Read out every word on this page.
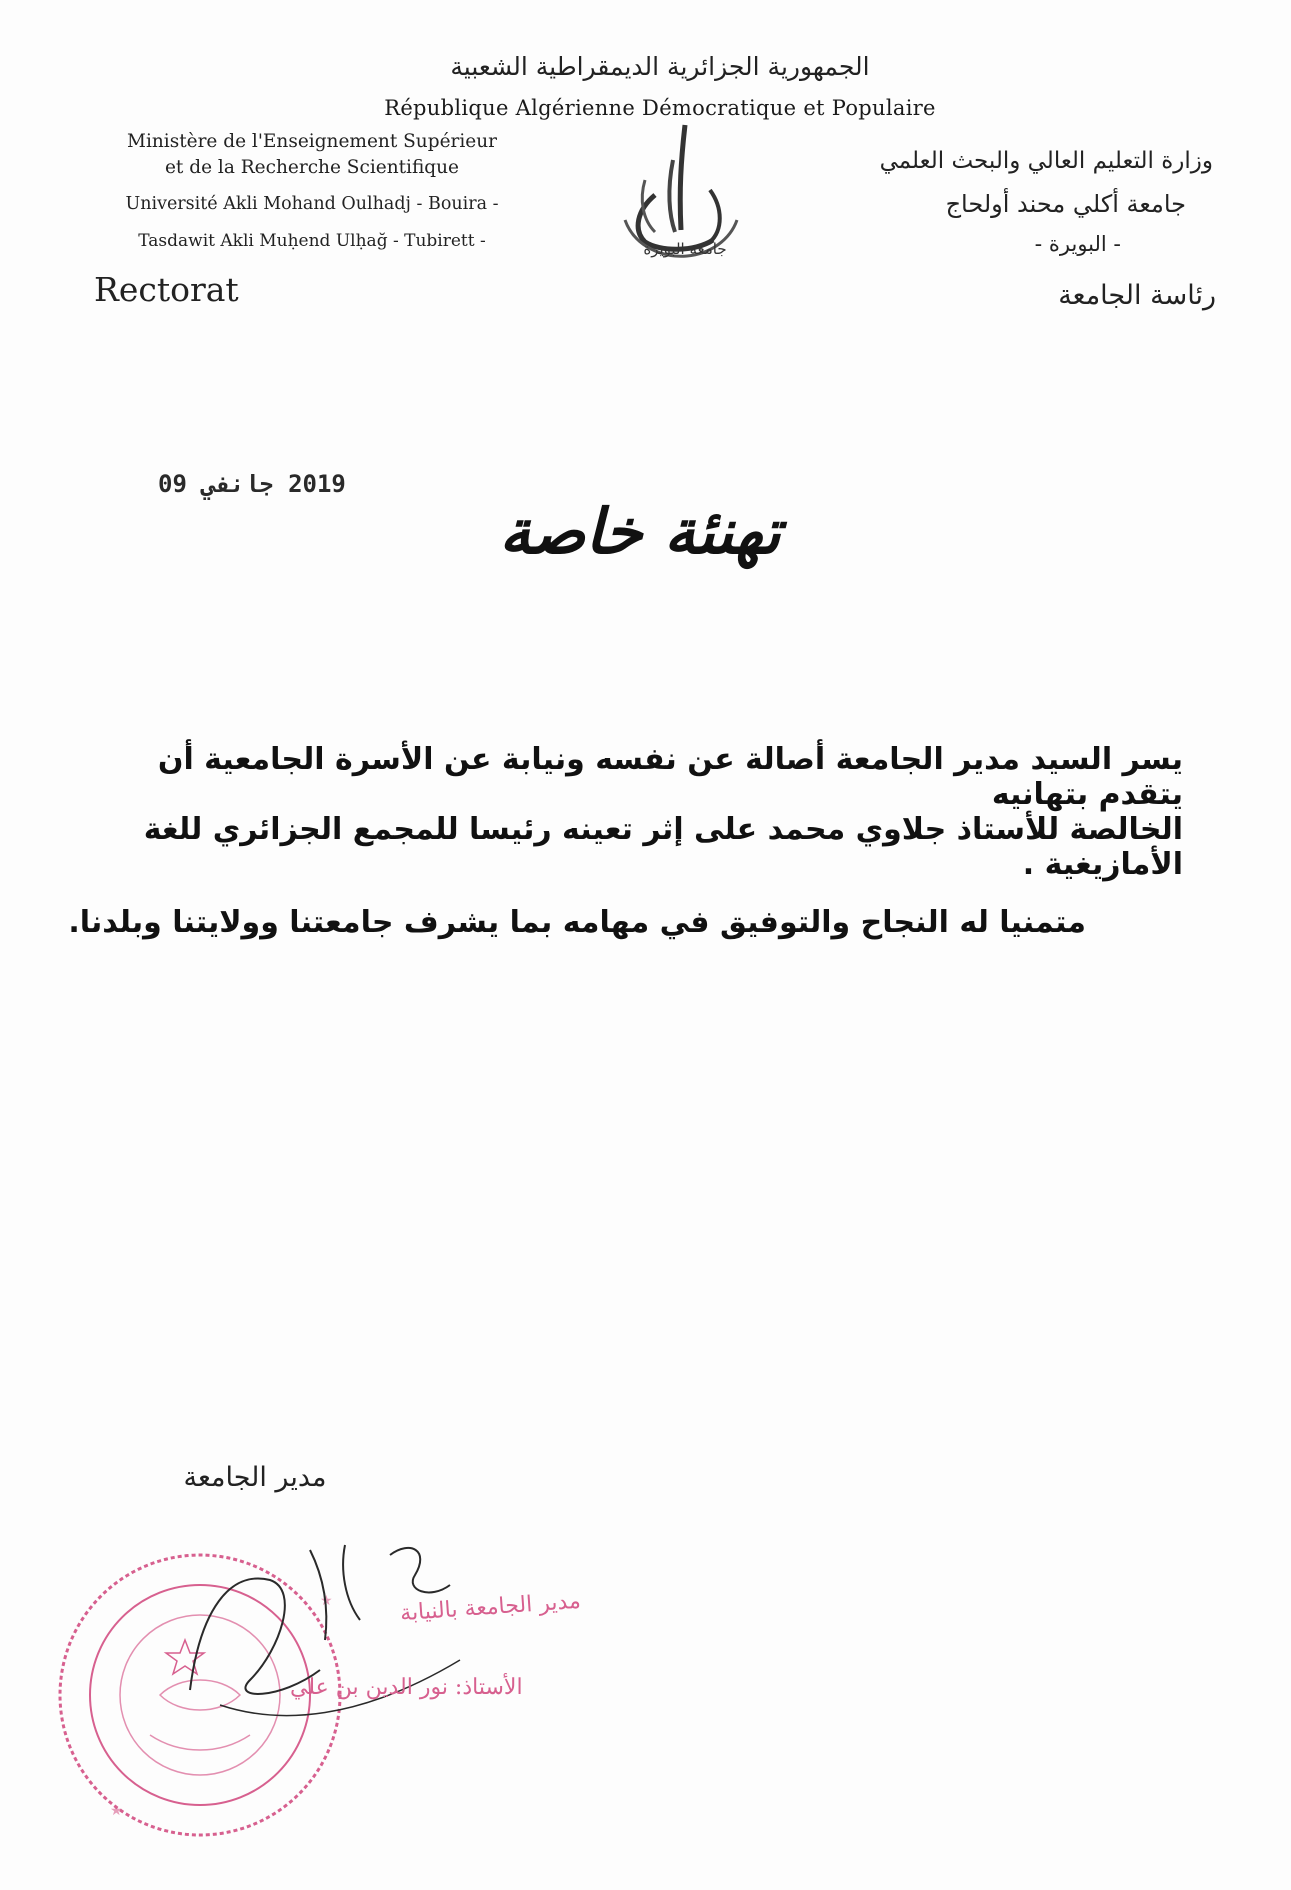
الجمهورية الجزائرية الديمقراطية الشعبية
République Algérienne Démocratique et Populaire
Ministère de l'Enseignement Supérieur
et de la Recherche Scientifique
Université Akli Mohand Oulhadj - Bouira -
Tasdawit Akli Muḥend Ulḥağ - Tubirett -
Rectorat
وزارة التعليم العالي والبحث العلمي
جامعة أكلي محند أولحاج
- البويرة -
رئاسة الجامعة
جامعة البويرة
2019 جانفي 09
تهنئة خاصة
يسر السيد مدير الجامعة أصالة عن نفسه ونيابة عن الأسرة الجامعية أن يتقدم بتهانيه
الخالصة للأستاذ جلاوي محمد على إثر تعينه رئيسا للمجمع الجزائري للغة الأمازيغية .
متمنيا له النجاح والتوفيق في مهامه بما يشرف جامعتنا وولايتنا وبلدنا.
مدير الجامعة
★
★	مدير الجامعة بالنيابة
الأستاذ: نور الدين بن علي
